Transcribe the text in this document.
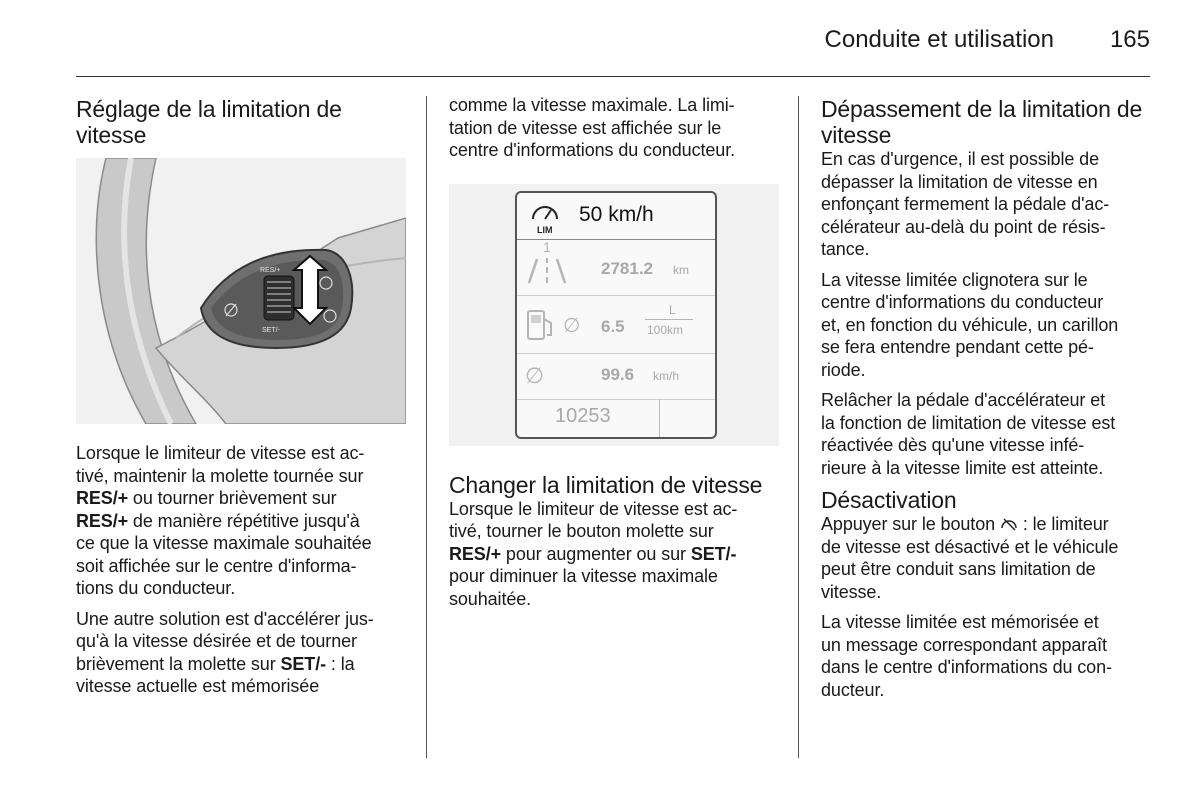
Conduite et utilisation 165
Réglage de la limitation de
vitesse
RES/+
SET/-

Lorsque le limiteur de vitesse est ac-
tivé, maintenir la molette tournée sur
RES/+ ou tourner brièvement sur
RES/+ de manière répétitive jusqu'à
ce que la vitesse maximale souhaitée
soit affichée sur le centre d'informa-
tions du conducteur.

Une autre solution est d'accélérer jus-
qu'à la vitesse désirée et de tourner
brièvement la molette sur SET/- : la
vitesse actuelle est mémorisée

comme la vitesse maximale. La limi-
tation de vitesse est affichée sur le
centre d'informations du conducteur.

LIM
50 km/h
1
2781.2 km
∅ 6.5
L
100km
∅	99.6 km/h
10253
Changer la limitation de vitesse

Lorsque le limiteur de vitesse est ac-
tivé, tourner le bouton molette sur
RES/+ pour augmenter ou sur SET/-
pour diminuer la vitesse maximale
souhaitée.

Dépassement de la limitation de
vitesse

En cas d'urgence, il est possible de
dépasser la limitation de vitesse en
enfonçant fermement la pédale d'ac-
célérateur au-delà du point de résis-
tance.

La vitesse limitée clignotera sur le
centre d'informations du conducteur
et, en fonction du véhicule, un carillon
se fera entendre pendant cette pé-
riode.

Relâcher la pédale d'accélérateur et
la fonction de limitation de vitesse est
réactivée dès qu'une vitesse infé-
rieure à la vitesse limite est atteinte.

Désactivation

Appuyer sur le bouton  : le limiteur
de vitesse est désactivé et le véhicule
peut être conduit sans limitation de
vitesse.

La vitesse limitée est mémorisée et
un message correspondant apparaît
dans le centre d'informations du con-
ducteur.
